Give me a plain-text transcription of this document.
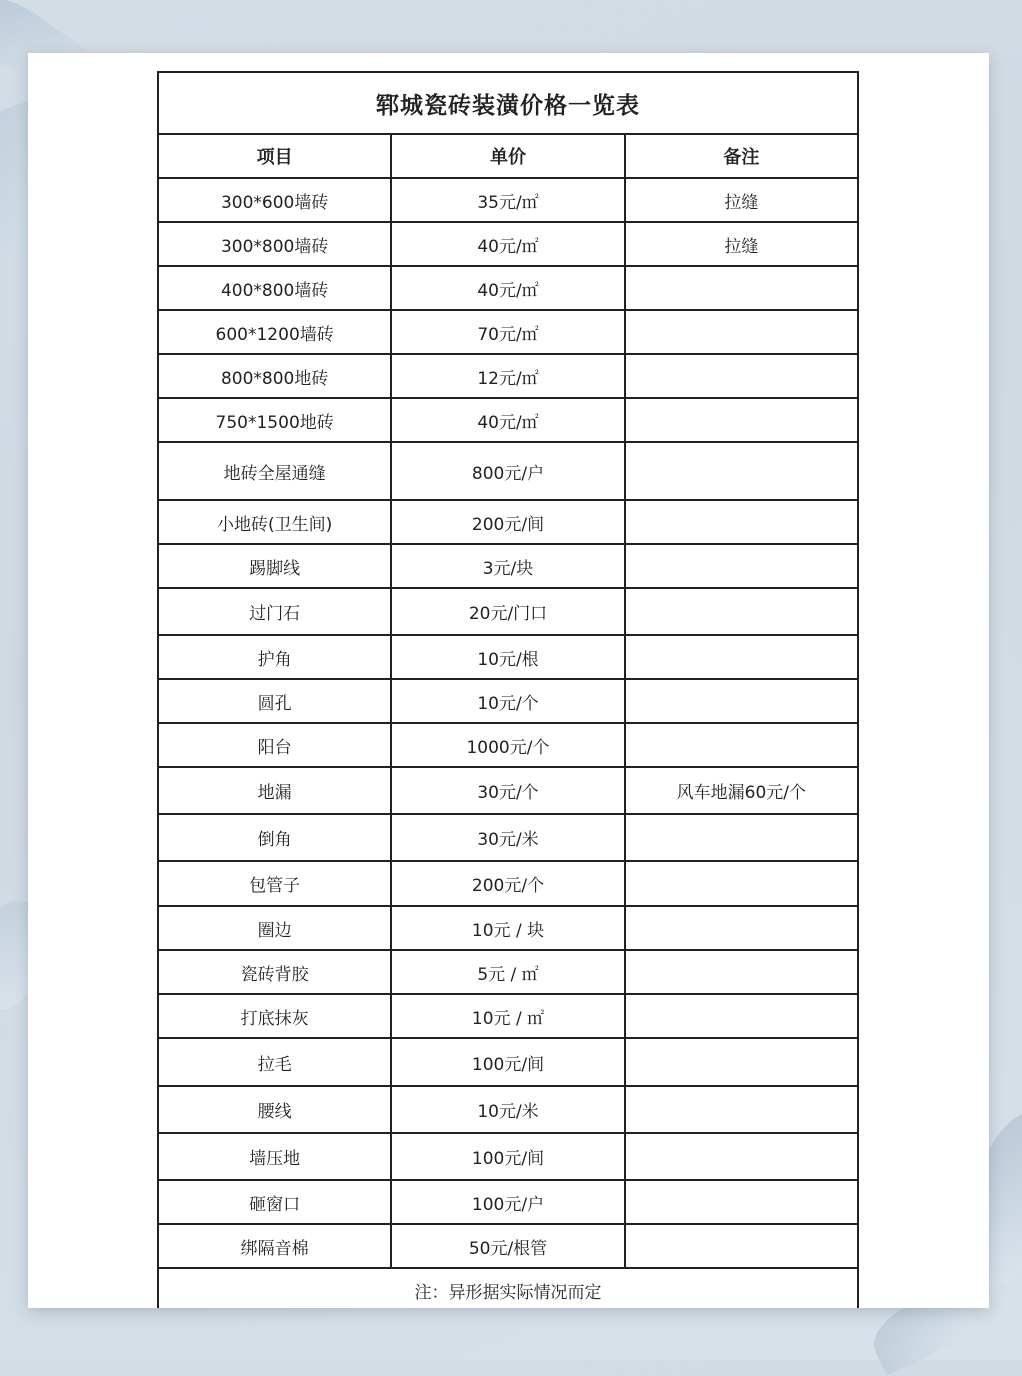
郓城瓷砖装潢价格一览表		
项目	单价	备注
300*600墙砖	35元/㎡	拉缝
300*800墙砖	40元/㎡	拉缝
400*800墙砖	40元/㎡	
600*1200墙砖	70元/㎡	
800*800地砖	12元/㎡	
750*1500地砖	40元/㎡	
地砖全屋通缝	800元/户	
小地砖(卫生间)	200元/间	
踢脚线	3元/块	
过门石	20元/门口	
护角	10元/根	
圆孔	10元/个	
阳台	1000元/个	
地漏	30元/个	风车地漏60元/个
倒角	30元/米	
包管子	200元/个	
圈边	10元 / 块	
瓷砖背胶	5元 / ㎡	
打底抹灰	10元 / ㎡	
拉毛	100元/间	
腰线	10元/米	
墙压地	100元/间	
砸窗口	100元/户	
绑隔音棉	50元/根管	
注：异形据实际情况而定		
